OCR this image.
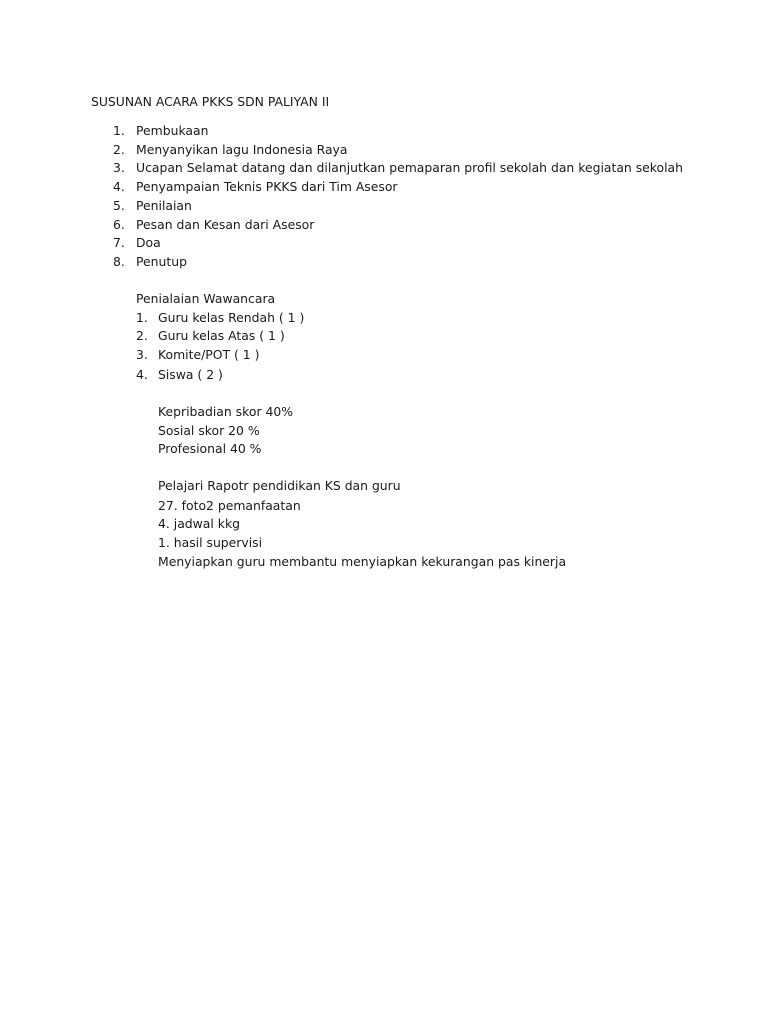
SUSUNAN ACARA PKKS SDN PALIYAN II
1. Pembukaan
2. Menyanyikan lagu Indonesia Raya
3. Ucapan Selamat datang dan dilanjutkan pemaparan profil sekolah dan kegiatan sekolah
4. Penyampaian Teknis PKKS dari Tim Asesor
5. Penilaian
6. Pesan dan Kesan dari Asesor
7. Doa
8. Penutup
Penialaian Wawancara
1. Guru kelas Rendah ( 1 )
2. Guru kelas Atas ( 1 )
3. Komite/POT ( 1 )
4. Siswa ( 2 )
Kepribadian skor 40%
Sosial skor 20 %
Profesional 40 %
Pelajari Rapotr pendidikan KS dan guru
27. foto2 pemanfaatan
4. jadwal kkg
1. hasil supervisi
Menyiapkan guru membantu menyiapkan kekurangan pas kinerja
